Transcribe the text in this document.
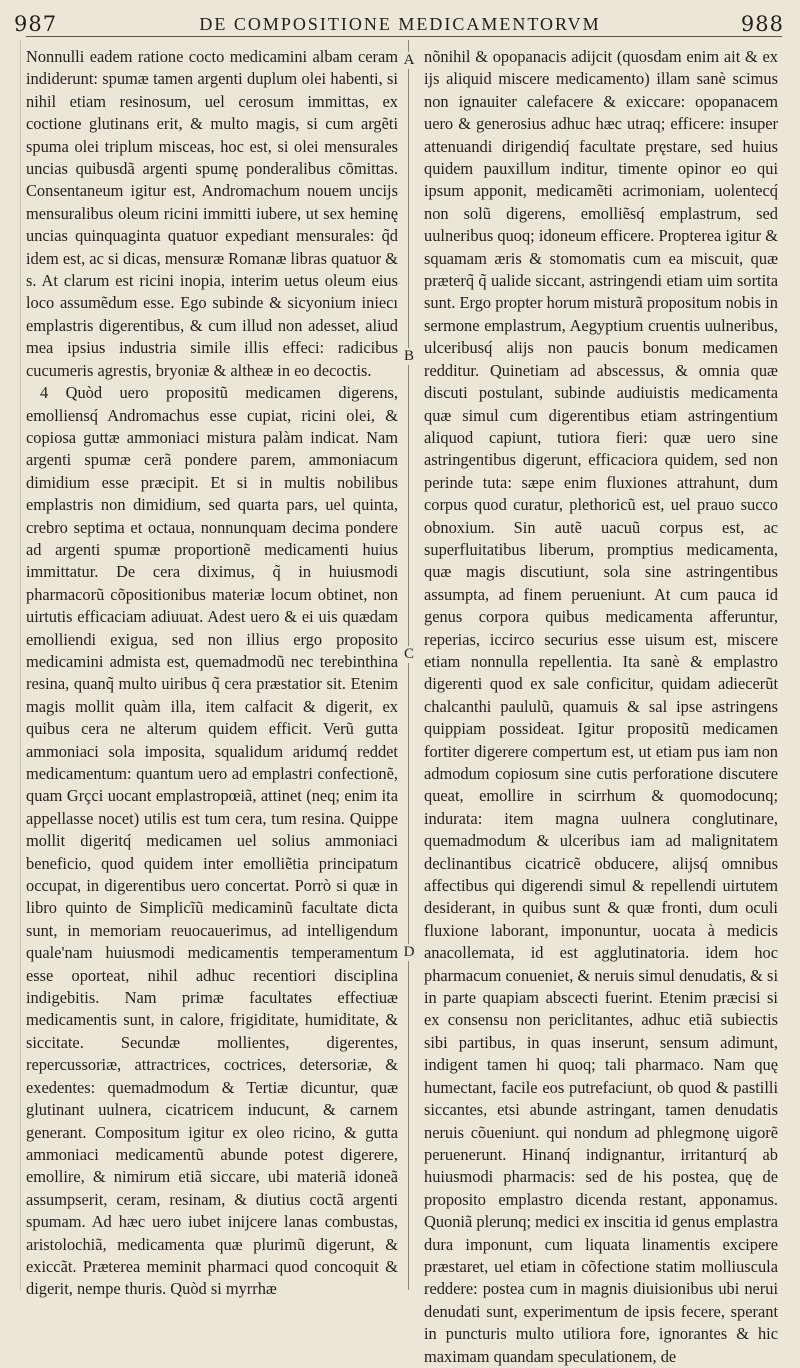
987	DE COMPOSITIONE MEDICAMENTORVM	988

Nonnulli eadem ratione cocto medicamini albam ceram indiderunt: spumæ tamen argenti duplum olei habenti, si nihil etiam resinosum, uel cerosum immittas, ex coctione glutinans erit, & multo magis, si cum argẽti spuma olei triplum misceas, hoc est, si olei mensurales uncias quibusdã argenti spumę ponderalibus cõmittas. Consentaneum igitur est, Andromachum nouem uncijs mensuralibus oleum ricini immitti iubere, ut sex heminę uncias quinquaginta quatuor expediant mensurales: q̃d idem est, ac si dicas, mensuræ Romanæ libras quatuor & s. At clarum est ricini inopia, interim uetus oleum eius loco assumẽdum esse. Ego subinde & sicyonium iniecı emplastris digerentibus, & cum illud non adesset, aliud mea ipsius industria simile illis effeci: radicibus cucumeris agrestis, bryoniæ & altheæ in eo decoctis.

4 Quòd uero propositũ medicamen digerens, emolliensq́ Andromachus esse cupiat, ricini olei, & copiosa guttæ ammoniaci mistura palàm indicat. Nam argenti spumæ cerã pondere parem, ammoniacum dimidium esse præcipit. Et si in multis nobilibus emplastris non dimidium, sed quarta pars, uel quinta, crebro septima et octaua, nonnunquam decima pondere ad argenti spumæ proportionẽ medicamenti huius immittatur. De cera diximus, q̃ in huiusmodi pharmacorũ cõpositionibus materiæ locum obtinet, non uirtutis efficaciam adiuuat. Adest uero & ei uis quædam emolliendi exigua, sed non illius ergo proposito medicamini admista est, quemadmodũ nec terebinthina resina, quanq̃ multo uiribus q̃ cera præstatior sit. Etenim magis mollit quàm illa, item calfacit & digerit, ex quibus cera ne alterum quidem efficit. Verũ gutta ammoniaci sola imposita, squalidum aridumq́ reddet medicamentum: quantum uero ad emplastri confectionẽ, quam Grçci uocant emplastropœiã, attinet (neq; enim ita appellasse nocet) utilis est tum cera, tum resina. Quippe mollit digeritq́ medicamen uel solius ammoniaci beneficio, quod quidem inter emolliẽtia principatum occupat, in digerentibus uero concertat. Porrò si quæ in libro quinto de Simplicĩũ medicaminũ facultate dicta sunt, in memoriam reuocauerimus, ad intelligendum quale'nam huiusmodi medicamentis temperamentum esse oporteat, nihil adhuc recentiori disciplina indigebitis. Nam primæ facultates effectiuæ medicamentis sunt, in calore, frigiditate, humiditate, & siccitate. Secundæ mollientes, digerentes, repercussoriæ, attractrices, coctrices, detersoriæ, & exedentes: quemadmodum & Tertiæ dicuntur, quæ glutinant uulnera, cicatricem inducunt, & carnem generant. Compositum igitur ex oleo ricino, & gutta ammoniaci medicamentũ abunde potest digerere, emollire, & nimirum etiã siccare, ubi materiã idoneã assumpserit, ceram, resinam, & diutius coctã argenti spumam. Ad hæc uero iubet inijcere lanas combustas, aristolochiã, medicamenta quæ plurimũ digerunt, & exiccãt. Præterea meminit pharmaci quod concoquit & digerit, nempe thuris. Quòd si myrrhæ

A
B
C
D

nõnihil & opopanacis adijcit (quosdam enim ait & ex ijs aliquid miscere medicamento) illam sanè scimus non ignauiter calefacere & exiccare: opopanacem uero & generosius adhuc hæc utraq; efficere: insuper attenuandi dirigendiq́ facultate pręstare, sed huius quidem pauxillum inditur, timente opinor eo qui ipsum apponit, medicamẽti acrimoniam, uolentecq́ non solũ digerens, emolliẽsq́ emplastrum, sed uulneribus quoq; idoneum efficere. Propterea igitur & squamam æris & stomomatis cum ea miscuit, quæ præterq̃ q̃ ualide siccant, astringendi etiam uim sortita sunt. Ergo propter horum misturã propositum nobis in sermone emplastrum, Aegyptium cruentis uulneribus, ulceribusq́ alijs non paucis bonum medicamen redditur. Quinetiam ad abscessus, & omnia quæ discuti postulant, subinde audiuistis medicamenta quæ simul cum digerentibus etiam astringentium aliquod capiunt, tutiora fieri: quæ uero sine astringentibus digerunt, efficaciora quidem, sed non perinde tuta: sæpe enim fluxiones attrahunt, dum corpus quod curatur, plethoricũ est, uel prauo succo obnoxium. Sin autẽ uacuũ corpus est, ac superfluitatibus liberum, promptius medicamenta, quæ magis discutiunt, sola sine astringentibus assumpta, ad finem perueniunt. At cum pauca id genus corpora quibus medicamenta afferuntur, reperias, iccirco securius esse uisum est, miscere etiam nonnulla repellentia. Ita sanè & emplastro digerenti quod ex sale conficitur, quidam adiecerũt chalcanthi paululũ, quamuis & sal ipse astringens quippiam possideat. Igitur propositũ medicamen fortiter digerere compertum est, ut etiam pus iam non admodum copiosum sine cutis perforatione discutere queat, emollire in scirrhum & quomodocunq; indurata: item magna uulnera conglutinare, quemadmodum & ulceribus iam ad malignitatem declinantibus cicatricẽ obducere, alijsq́ omnibus affectibus qui digerendi simul & repellendi uirtutem desiderant, in quibus sunt & quæ fronti, dum oculi fluxione laborant, imponuntur, uocata à medicis anacollemata, id est agglutinatoria. idem hoc pharmacum conueniet, & neruis simul denudatis, & si in parte quapiam abscecti fuerint. Etenim præcisi si ex consensu non periclitantes, adhuc etiã subiectis sibi partibus, in quas inserunt, sensum adimunt, indigent tamen hi quoq; tali pharmaco. Nam quę humectant, facile eos putrefaciunt, ob quod & pastilli siccantes, etsi abunde astringant, tamen denudatis neruis cõueniunt. qui nondum ad phlegmonę uigorẽ peruenerunt. Hinanq́ indignantur, irritanturq́ ab huiusmodi pharmacis: sed de his postea, quę de proposito emplastro dicenda restant, apponamus. Quoniã plerunq; medici ex inscitia id genus emplastra dura imponunt, cum liquata linamentis excipere præstaret, uel etiam in cõfectione statim molliuscula reddere: postea cum in magnis diuisionibus ubi nerui denudati sunt, experimentum de ipsis fecere, sperant in puncturis multo utiliora fore, ignorantes & hic maximam quandam speculationem, de
